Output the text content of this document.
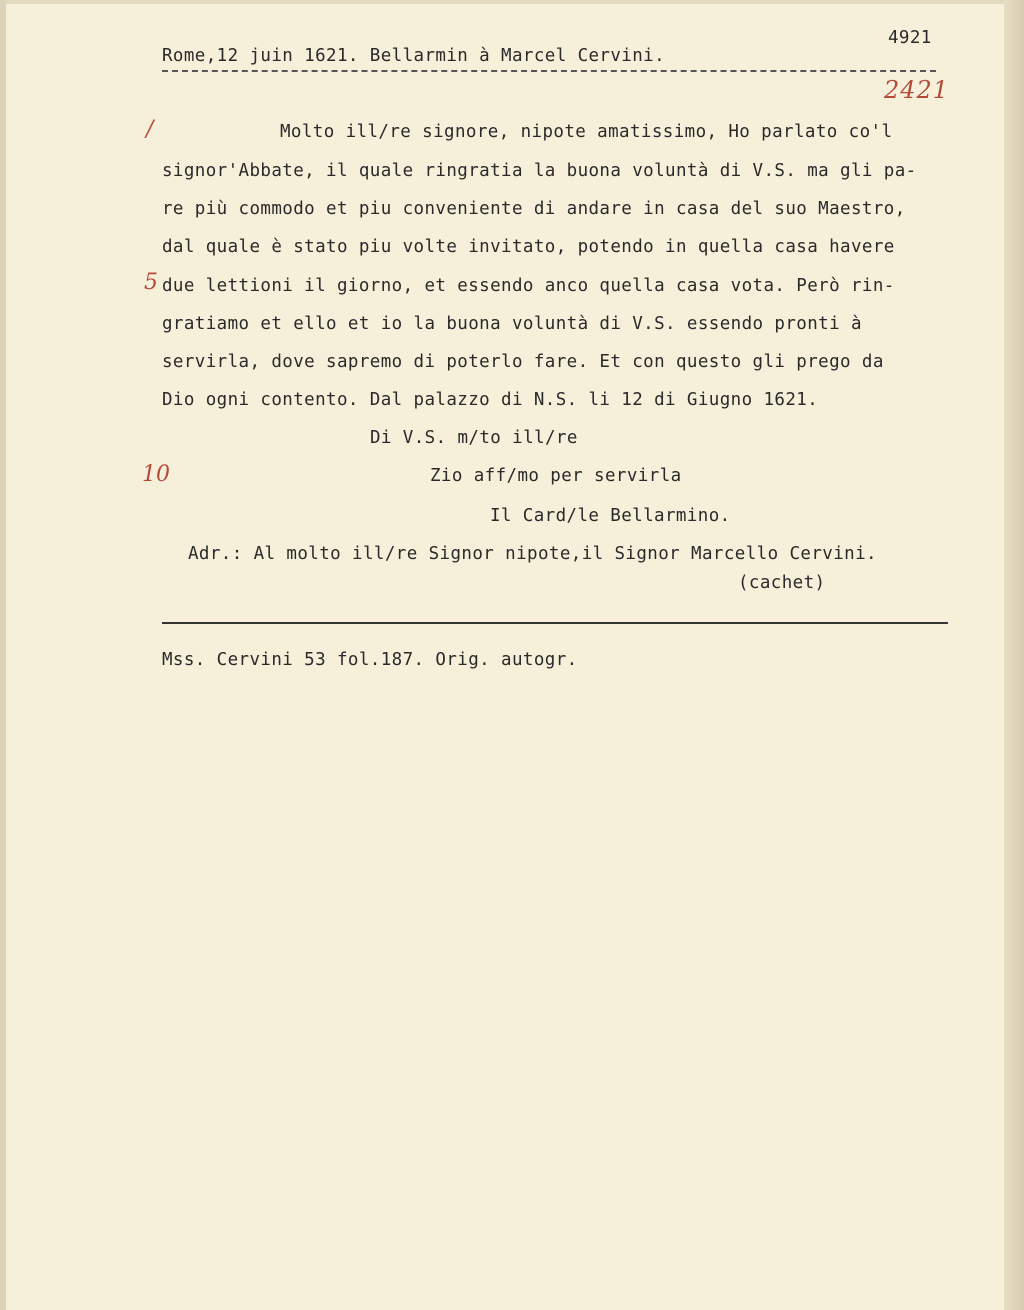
4921
Rome,12 juin 1621. Bellarmin à Marcel Cervini.
2421
/
5
10
Molto ill/re signore, nipote amatissimo, Ho parlato co'l
signor'Abbate, il quale ringratia la buona voluntà di V.S. ma gli pa-
re più commodo et piu conveniente di andare in casa del suo Maestro,
dal quale è stato piu volte invitato, potendo in quella casa havere
due lettioni il giorno, et essendo anco quella casa vota. Però rin-
gratiamo et ello et io la buona voluntà di V.S. essendo pronti à
servirla, dove sapremo di poterlo fare. Et con questo gli prego da
Dio ogni contento. Dal palazzo di N.S. li 12 di Giugno 1621.
Di V.S. m/to ill/re
Zio aff/mo per servirla
Il Card/le Bellarmino.
Adr.: Al molto ill/re Signor nipote,il Signor Marcello Cervini.
(cachet)
Mss. Cervini 53 fol.187. Orig. autogr.
